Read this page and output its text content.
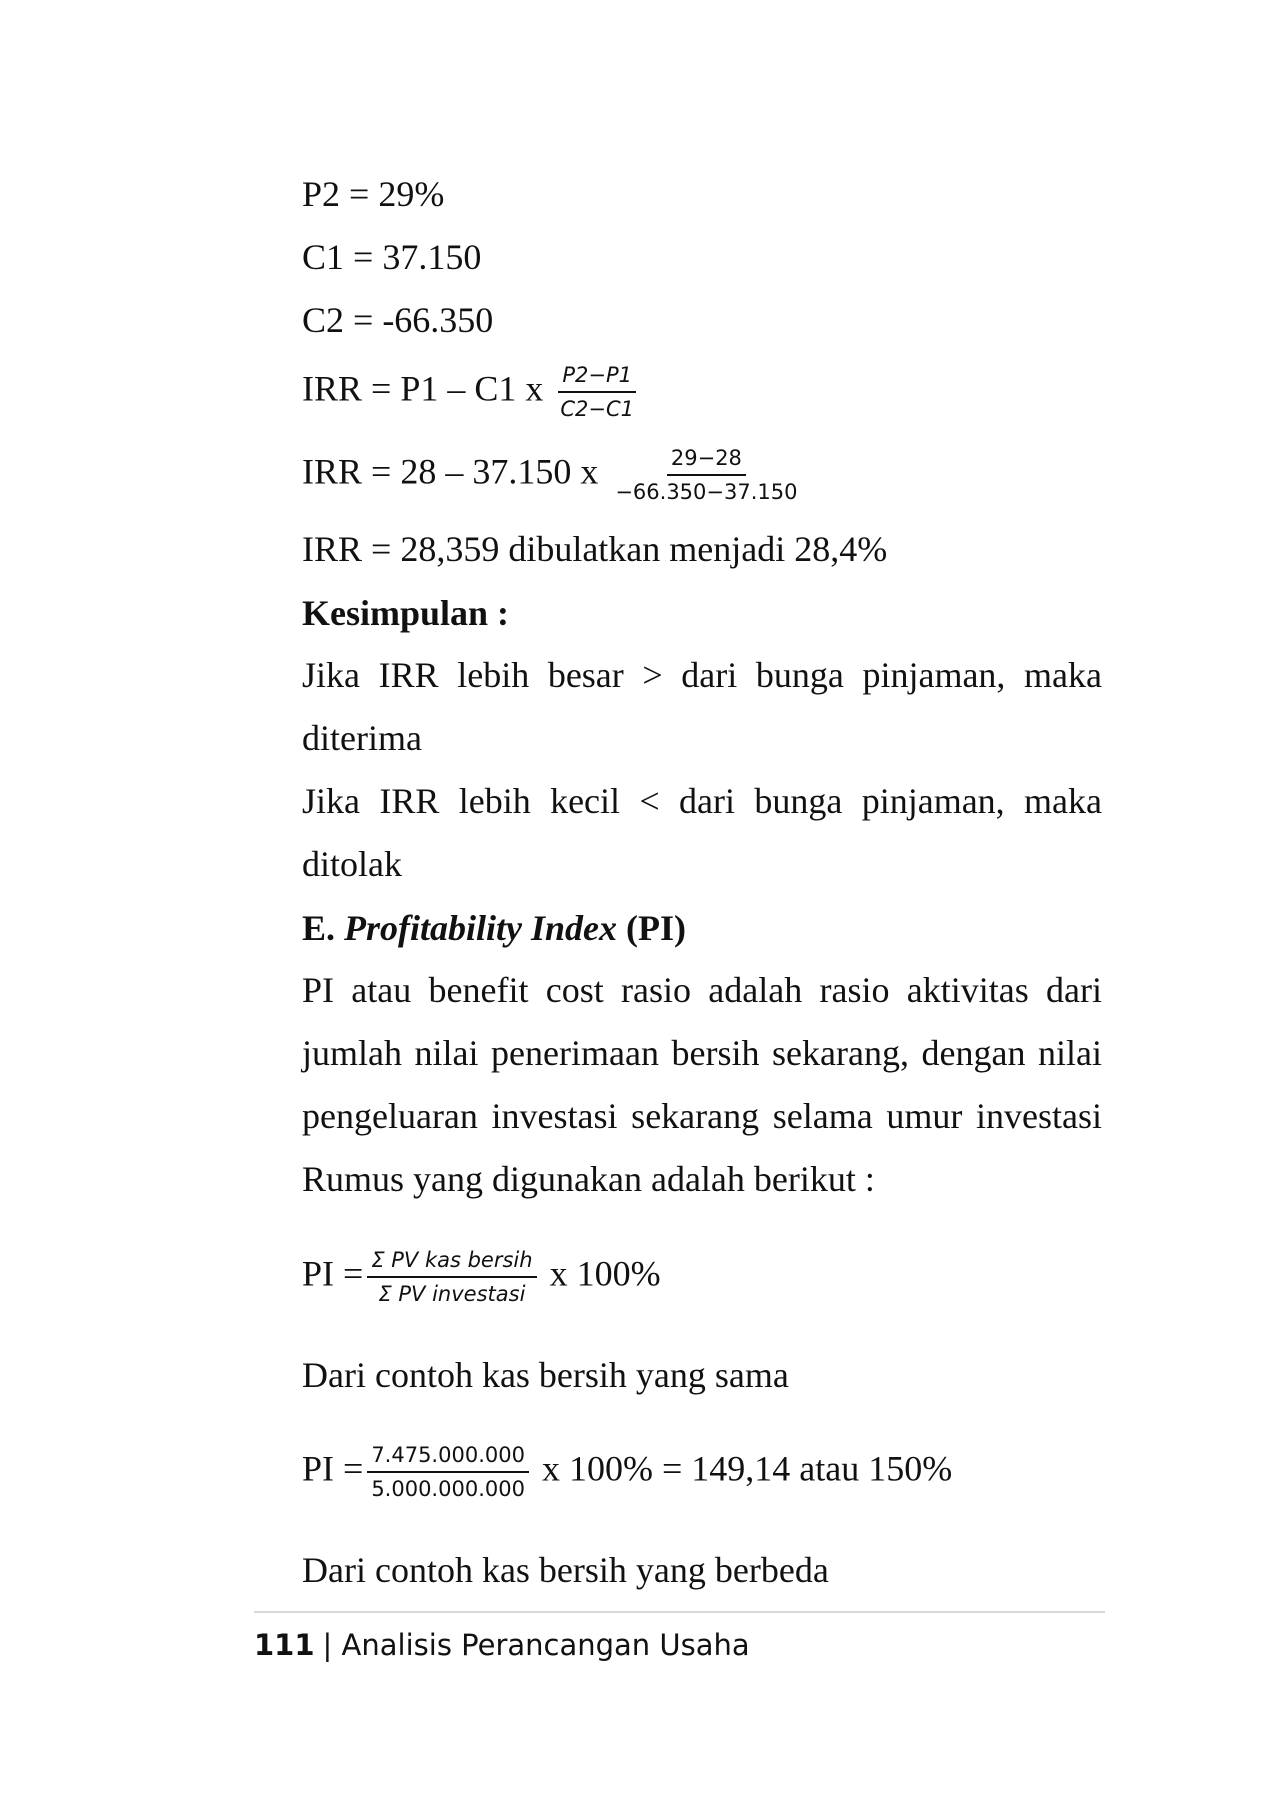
P2 = 29%
C1 = 37.150
C2 = -66.350
IRR = P1 – C1 x $\frac{P2-P1}{C2-C1}$
IRR = 28 – 37.150 x $\frac{29-28}{-66.350-37.150}$
IRR = 28,359 dibulatkan menjadi 28,4%
Kesimpulan :
Jika IRR lebih besar > dari bunga pinjaman, maka
diterima
Jika IRR lebih kecil < dari bunga pinjaman, maka
ditolak
E. Profitability Index (PI)
PI atau benefit cost rasio adalah rasio aktivitas dari
jumlah nilai penerimaan bersih sekarang, dengan nilai
pengeluaran investasi sekarang selama umur investasi
Rumus yang digunakan adalah berikut :
PI = $\frac{\text{Σ PV kas bersih}}{\text{Σ PV investasi}}$ x 100%
Dari contoh kas bersih yang sama
PI = $\frac{7.475.000.000}{5.000.000.000}$ x 100% = 149,14 atau 150%
Dari contoh kas bersih yang berbeda
111 | Analisis Perancangan Usaha
